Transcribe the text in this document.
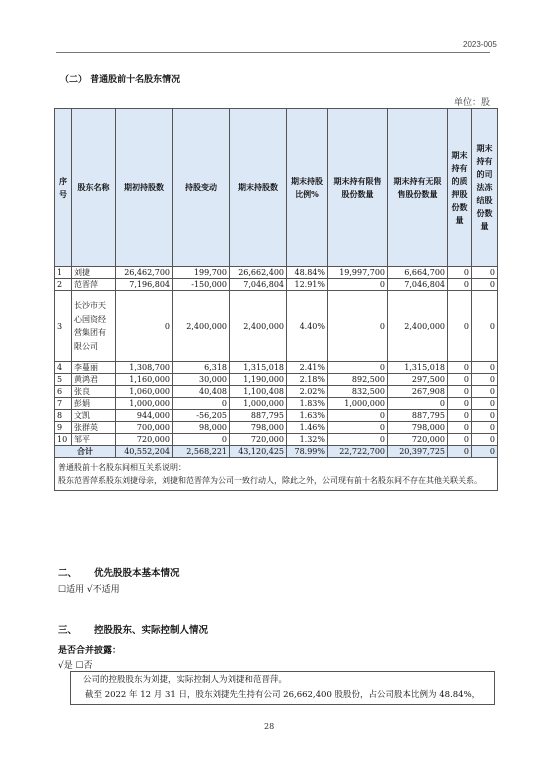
2023-005
（二） 普通股前十名股东情况
单位：股
序号	股东名称	期初持股数	持股变动	期末持股数	期末持股比例%	期末持有限售股份数量	期末持有无限售股份数量	期末持有的质押股份数量	期末持有的司法冻结股份数量
1	刘捷	26,462,700	199,700	26,662,400	48.84%	19,997,700	6,664,700	0	0
2	范晋萍	7,196,804	-150,000	7,046,804	12.91%	0	7,046,804	0	0
3	长沙市天心国资经营集团有限公司	0	2,400,000	2,400,000	4.40%	0	2,400,000	0	0
4	李蔓丽	1,308,700	6,318	1,315,018	2.41%	0	1,315,018	0	0
5	黄鸿君	1,160,000	30,000	1,190,000	2.18%	892,500	297,500	0	0
6	张良	1,060,000	40,408	1,100,408	2.02%	832,500	267,908	0	0
7	彭娟	1,000,000	0	1,000,000	1.83%	1,000,000	0	0	0
8	文凯	944,000	-56,205	887,795	1.63%	0	887,795	0	0
9	张群英	700,000	98,000	798,000	1.46%	0	798,000	0	0
10	邹平	720,000	0	720,000	1.32%	0	720,000	0	0
合计		40,552,204	2,568,221	43,120,425	78.99%	22,722,700	20,397,725	0	0

普通股前十名股东间相互关系说明：
股东范晋萍系股东刘捷母亲，刘捷和范晋萍为公司一致行动人，除此之外，公司现有前十名股东间不存在其他关联关系。									
二、 优先股股本基本情况
☐适用 √不适用
三、 控股股东、实际控制人情况
是否合并披露：
√是 ☐否
公司的控股股东为刘捷，实际控制人为刘捷和范晋萍。
截至 2022 年 12 月 31 日，股东刘捷先生持有公司 26,662,400 股股份，占公司股本比例为 48.84%，
28
